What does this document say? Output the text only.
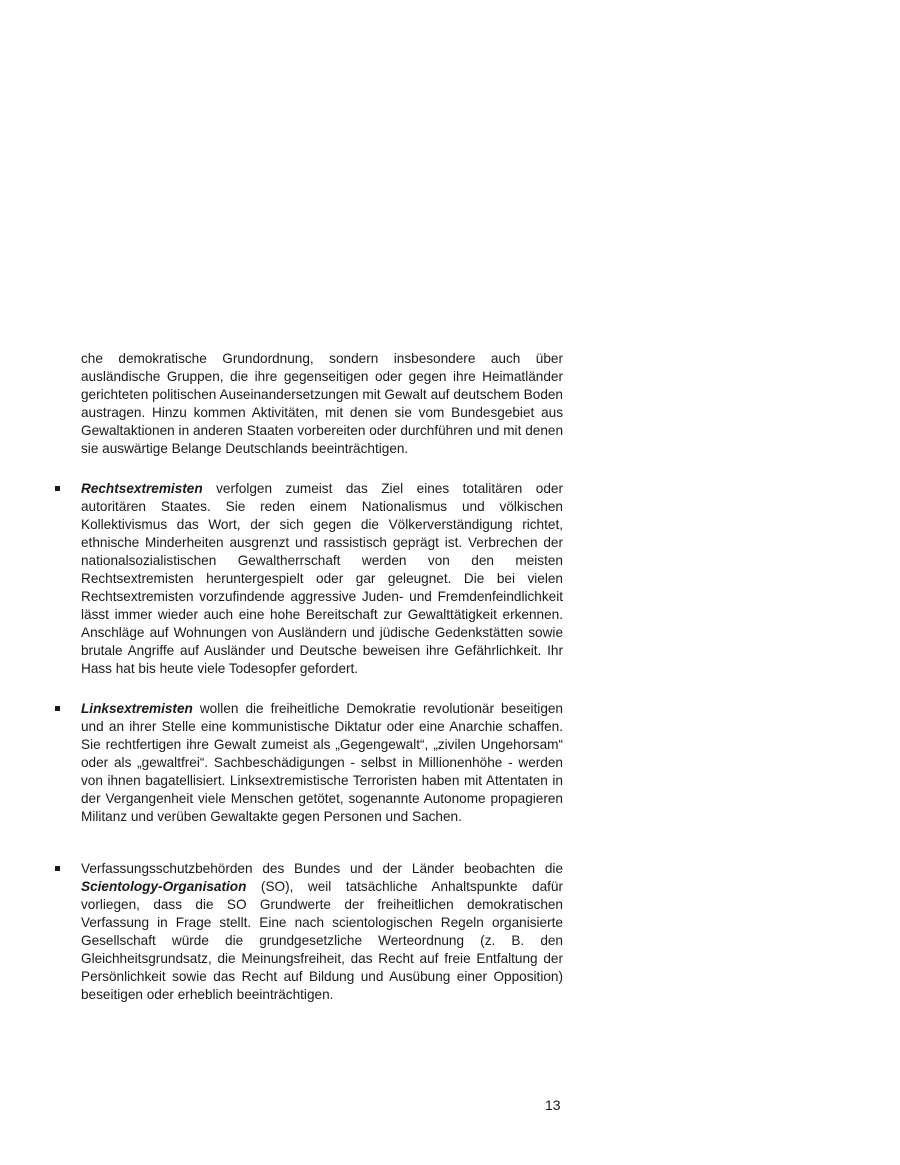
che demokratische Grundordnung, sondern insbesondere auch über ausländische Gruppen, die ihre gegenseitigen oder gegen ihre Heimatländer gerichteten politischen Auseinandersetzungen mit Gewalt auf deutschem Boden austragen. Hinzu kommen Aktivitäten, mit denen sie vom Bundesgebiet aus Gewaltaktionen in anderen Staaten vorbereiten oder durchführen und mit denen sie auswärtige Belange Deutschlands beeinträchtigen.

Rechtsextremisten verfolgen zumeist das Ziel eines totalitären oder autoritären Staates. Sie reden einem Nationalismus und völkischen Kollektivismus das Wort, der sich gegen die Völkerverständigung richtet, ethnische Minderheiten ausgrenzt und rassistisch geprägt ist. Verbrechen der nationalsozialistischen Gewaltherrschaft werden von den meisten Rechtsextremisten heruntergespielt oder gar geleugnet. Die bei vielen Rechtsextremisten vorzufindende aggressive Juden- und Fremdenfeindlichkeit lässt immer wieder auch eine hohe Bereitschaft zur Gewalttätigkeit erkennen. Anschläge auf Wohnungen von Ausländern und jüdische Gedenkstätten sowie brutale Angriffe auf Ausländer und Deutsche beweisen ihre Gefährlichkeit. Ihr Hass hat bis heute viele Todesopfer gefordert.

Linksextremisten wollen die freiheitliche Demokratie revolutionär beseitigen und an ihrer Stelle eine kommunistische Diktatur oder eine Anarchie schaffen. Sie rechtfertigen ihre Gewalt zumeist als „Gegengewalt“, „zivilen Ungehorsam“ oder als „gewaltfrei“. Sachbeschädigungen - selbst in Millionenhöhe - werden von ihnen bagatellisiert. Linksextremistische Terroristen haben mit Attentaten in der Vergangenheit viele Menschen getötet, sogenannte Autonome propagieren Militanz und verüben Gewaltakte gegen Personen und Sachen.

Verfassungsschutzbehörden des Bundes und der Länder beobachten die Scientology-Organisation (SO), weil tatsächliche Anhaltspunkte dafür vorliegen, dass die SO Grundwerte der freiheitlichen demokratischen Verfassung in Frage stellt. Eine nach scientologischen Regeln organisierte Gesellschaft würde die grundgesetzliche Werteordnung (z. B. den Gleichheitsgrundsatz, die Meinungsfreiheit, das Recht auf freie Entfaltung der Persönlichkeit sowie das Recht auf Bildung und Ausübung einer Opposition) beseitigen oder erheblich beeinträchtigen.

13
